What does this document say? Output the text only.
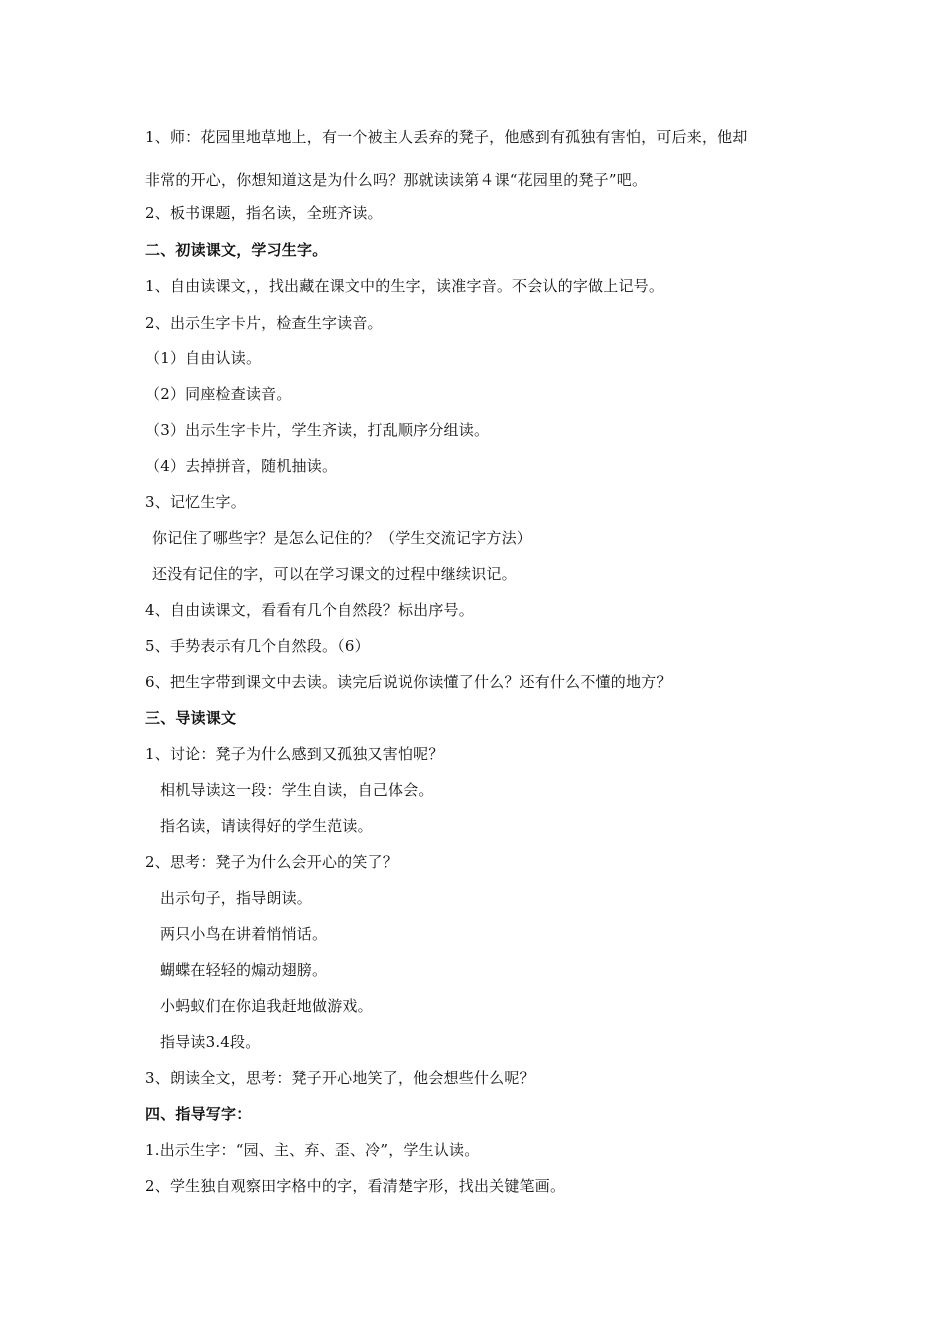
1、师：花园里地草地上，有一个被主人丢弃的凳子，他感到有孤独有害怕，可后来，他却
非常的开心，你想知道这是为什么吗？那就读读第４课“花园里的凳子”吧。
2、板书课题，指名读，全班齐读。
二、初读课文，学习生字。
1、自由读课文，，找出藏在课文中的生字，读准字音。不会认的字做上记号。
2、出示生字卡片，检查生字读音。
（1）自由认读。
（2）同座检查读音。
（3）出示生字卡片，学生齐读，打乱顺序分组读。
（4）去掉拼音，随机抽读。
3、记忆生字。
你记住了哪些字？是怎么记住的？（学生交流记字方法）
还没有记住的字，可以在学习课文的过程中继续识记。
4、自由读课文，看看有几个自然段？标出序号。
5、手势表示有几个自然段。（6）
6、把生字带到课文中去读。读完后说说你读懂了什么？还有什么不懂的地方？
三、导读课文
1、讨论：凳子为什么感到又孤独又害怕呢？
相机导读这一段：学生自读，自己体会。
指名读，请读得好的学生范读。
2、思考：凳子为什么会开心的笑了？
出示句子，指导朗读。
两只小鸟在讲着悄悄话。
蝴蝶在轻轻的煽动翅膀。
小蚂蚁们在你追我赶地做游戏。
指导读3.4段。
3、朗读全文，思考：凳子开心地笑了，他会想些什么呢？
四、指导写字：
1.出示生字：“园、主、弃、歪、冷”，学生认读。
2、学生独自观察田字格中的字，看清楚字形，找出关键笔画。
